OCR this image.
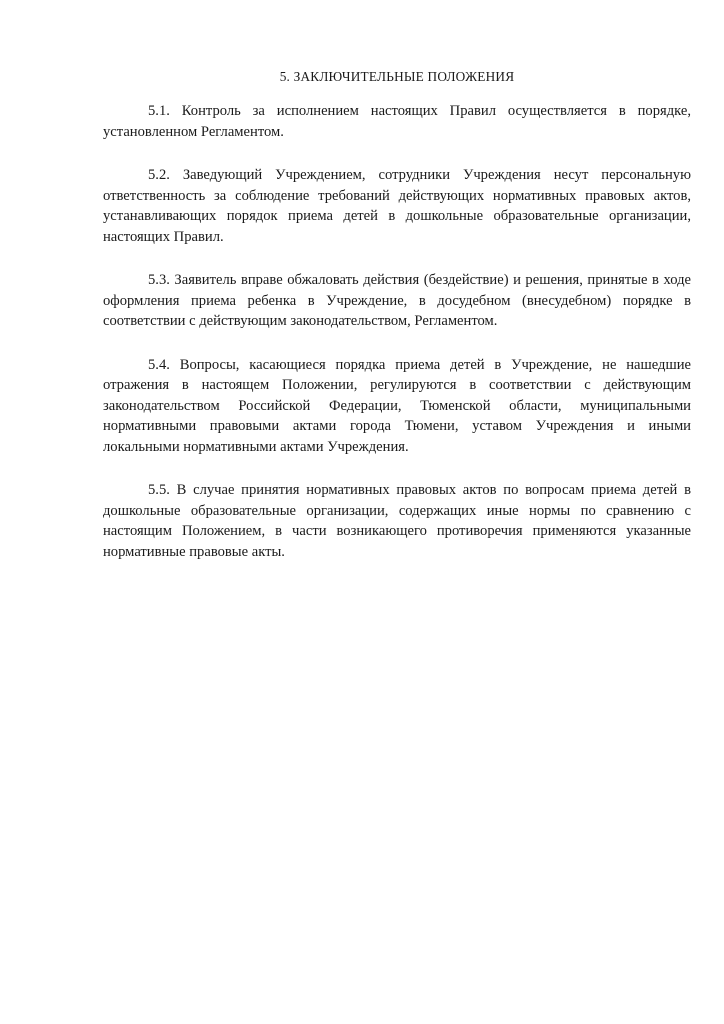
5. ЗАКЛЮЧИТЕЛЬНЫЕ ПОЛОЖЕНИЯ

5.1. Контроль за исполнением настоящих Правил осуществляется в порядке, установленном Регламентом.

5.2. Заведующий Учреждением, сотрудники Учреждения несут персональную ответственность за соблюдение требований действующих нормативных правовых актов, устанавливающих порядок приема детей в дошкольные образовательные организации, настоящих Правил.

5.3. Заявитель вправе обжаловать действия (бездействие) и решения, принятые в ходе оформления приема ребенка в Учреждение, в досудебном (внесудебном) порядке в соответствии с действующим законодательством, Регламентом.

5.4. Вопросы, касающиеся порядка приема детей в Учреждение, не нашедшие отражения в настоящем Положении, регулируются в соответствии с действующим законодательством Российской Федерации, Тюменской области, муниципальными нормативными правовыми актами города Тюмени, уставом Учреждения и иными локальными нормативными актами Учреждения.

5.5. В случае принятия нормативных правовых актов по вопросам приема детей в дошкольные образовательные организации, содержащих иные нормы по сравнению с настоящим Положением, в части возникающего противоречия применяются указанные нормативные правовые акты.
